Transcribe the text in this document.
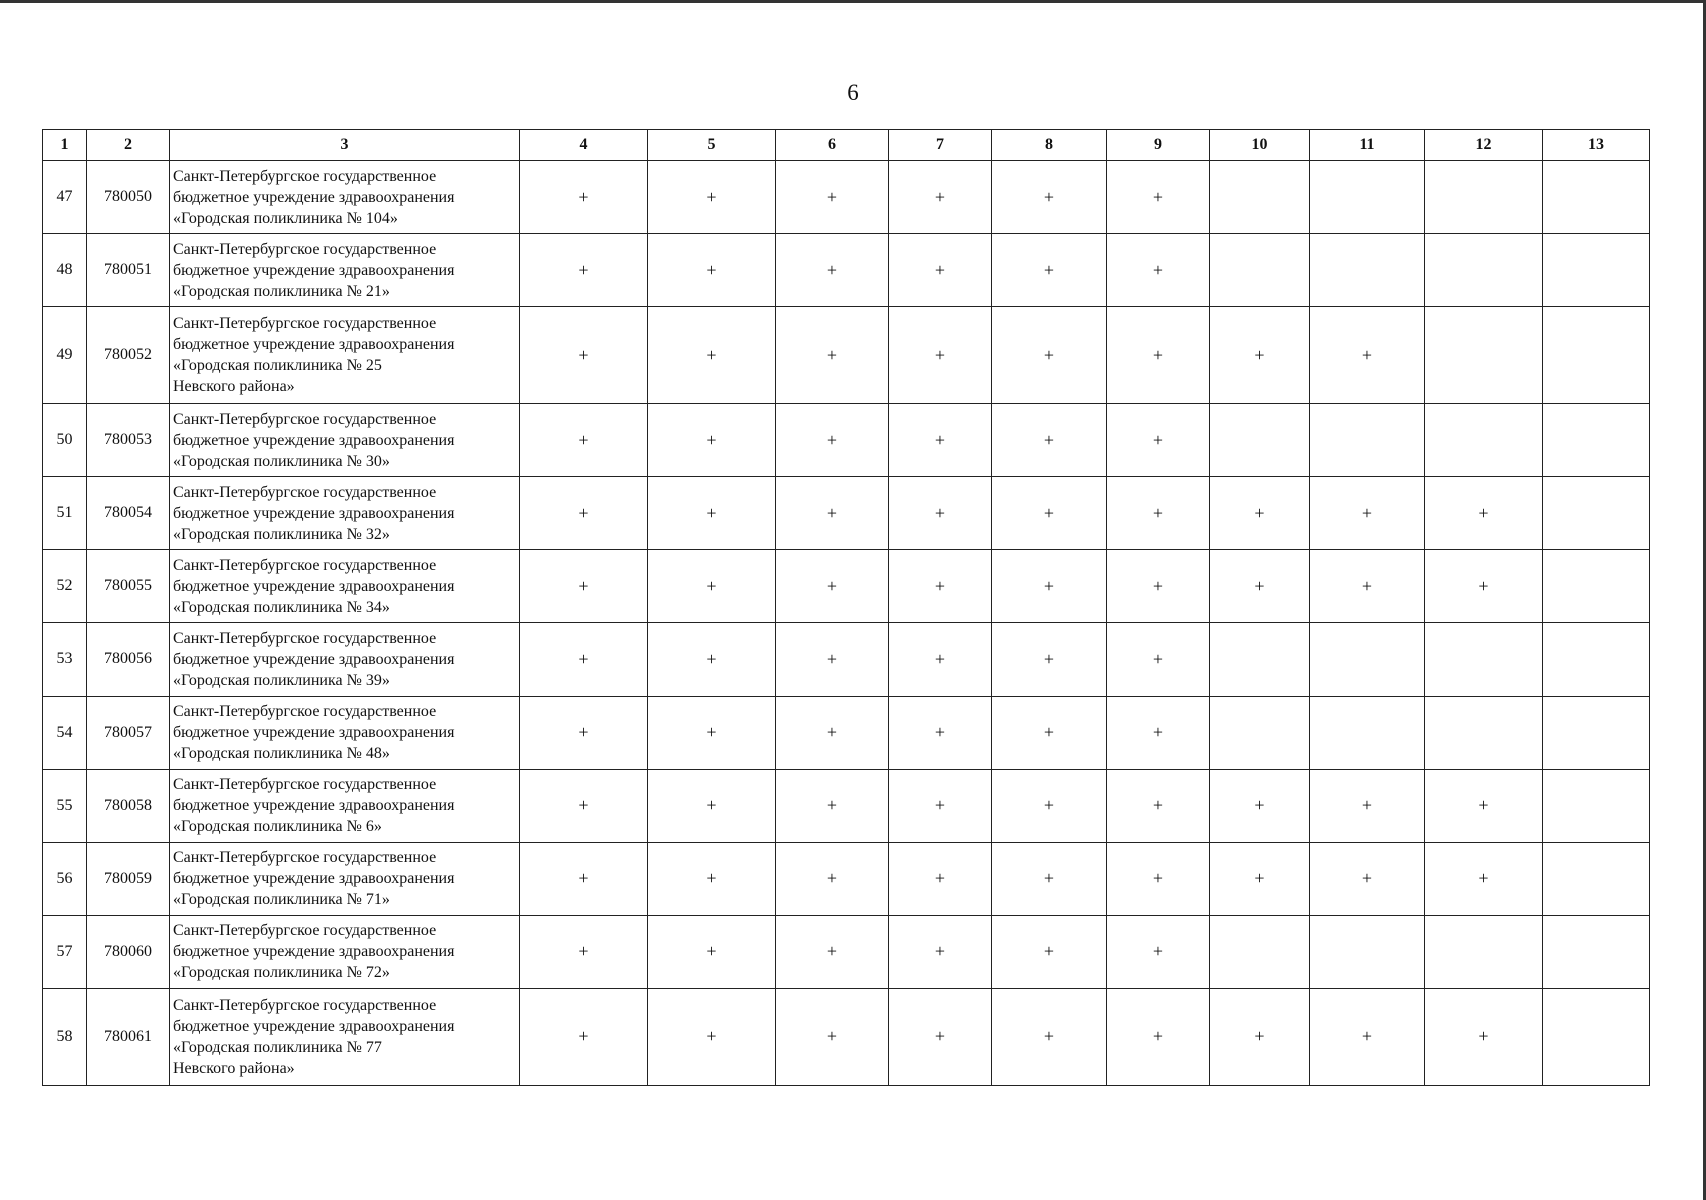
6
1	2	3	4	5	6	7	8	9	10	11	12	13
47	780050	Санкт-Петербургское государственное
бюджетное учреждение здравоохранения
«Городская поликлиника № 104»	+	+	+	+	+	+				
48	780051	Санкт-Петербургское государственное
бюджетное учреждение здравоохранения
«Городская поликлиника № 21»	+	+	+	+	+	+				
49	780052	Санкт-Петербургское государственное
бюджетное учреждение здравоохранения
«Городская поликлиника № 25
Невского района»	+	+	+	+	+	+	+	+		
50	780053	Санкт-Петербургское государственное
бюджетное учреждение здравоохранения
«Городская поликлиника № 30»	+	+	+	+	+	+				
51	780054	Санкт-Петербургское государственное
бюджетное учреждение здравоохранения
«Городская поликлиника № 32»	+	+	+	+	+	+	+	+	+	
52	780055	Санкт-Петербургское государственное
бюджетное учреждение здравоохранения
«Городская поликлиника № 34»	+	+	+	+	+	+	+	+	+	
53	780056	Санкт-Петербургское государственное
бюджетное учреждение здравоохранения
«Городская поликлиника № 39»	+	+	+	+	+	+				
54	780057	Санкт-Петербургское государственное
бюджетное учреждение здравоохранения
«Городская поликлиника № 48»	+	+	+	+	+	+				
55	780058	Санкт-Петербургское государственное
бюджетное учреждение здравоохранения
«Городская поликлиника № 6»	+	+	+	+	+	+	+	+	+	
56	780059	Санкт-Петербургское государственное
бюджетное учреждение здравоохранения
«Городская поликлиника № 71»	+	+	+	+	+	+	+	+	+	
57	780060	Санкт-Петербургское государственное
бюджетное учреждение здравоохранения
«Городская поликлиника № 72»	+	+	+	+	+	+				
58	780061	Санкт-Петербургское государственное
бюджетное учреждение здравоохранения
«Городская поликлиника № 77
Невского района»	+	+	+	+	+	+	+	+	+	
